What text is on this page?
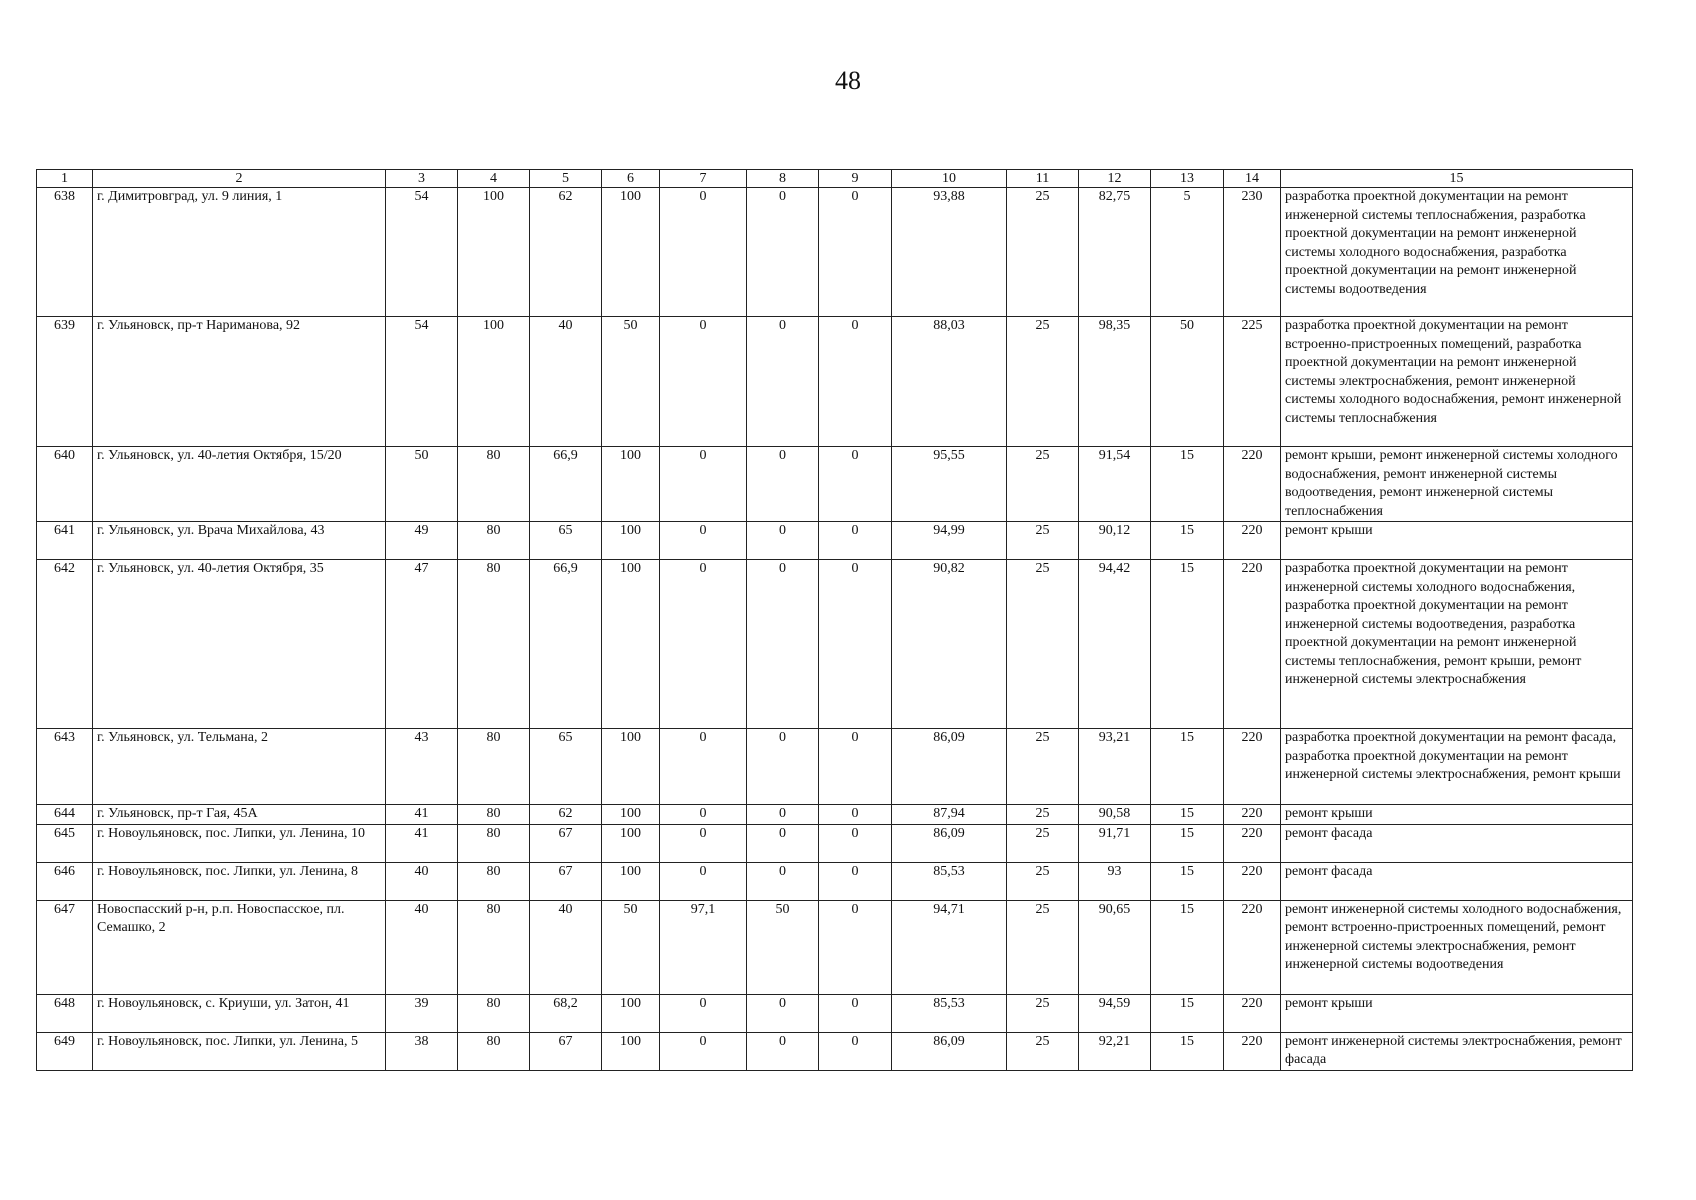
48
1	2	3	4	5	6	7	8	9	10	11	12	13	14	15
638	г. Димитровград, ул. 9 линия, 1	54	100	62	100	0	0	0	93,88	25	82,75	5	230	разработка проектной документации на ремонт инженерной системы теплоснабжения, разработка проектной документации на ремонт инженерной системы холодного водоснабжения, разработка проектной документации на ремонт инженерной системы водоотведения
639	г. Ульяновск, пр-т Нариманова, 92	54	100	40	50	0	0	0	88,03	25	98,35	50	225	разработка проектной документации на ремонт встроенно-пристроенных помещений, разработка проектной документации на ремонт инженерной системы электроснабжения, ремонт инженерной системы холодного водоснабжения, ремонт инженерной системы теплоснабжения
640	г. Ульяновск, ул. 40-летия Октября, 15/20	50	80	66,9	100	0	0	0	95,55	25	91,54	15	220	ремонт крыши, ремонт инженерной системы холодного водоснабжения, ремонт инженерной системы водоотведения, ремонт инженерной системы теплоснабжения
641	г. Ульяновск, ул. Врача Михайлова, 43	49	80	65	100	0	0	0	94,99	25	90,12	15	220	ремонт крыши
642	г. Ульяновск, ул. 40-летия Октября, 35	47	80	66,9	100	0	0	0	90,82	25	94,42	15	220	разработка проектной документации на ремонт инженерной системы холодного водоснабжения, разработка проектной документации на ремонт инженерной системы водоотведения, разработка проектной документации на ремонт инженерной системы теплоснабжения, ремонт крыши, ремонт инженерной системы электроснабжения
643	г. Ульяновск, ул. Тельмана, 2	43	80	65	100	0	0	0	86,09	25	93,21	15	220	разработка проектной документации на ремонт фасада, разработка проектной документации на ремонт инженерной системы электроснабжения, ремонт крыши
644	г. Ульяновск, пр-т Гая, 45А	41	80	62	100	0	0	0	87,94	25	90,58	15	220	ремонт крыши
645	г. Новоульяновск, пос. Липки, ул. Ленина, 10	41	80	67	100	0	0	0	86,09	25	91,71	15	220	ремонт фасада
646	г. Новоульяновск, пос. Липки, ул. Ленина, 8	40	80	67	100	0	0	0	85,53	25	93	15	220	ремонт фасада
647	Новоспасский р-н, р.п. Новоспасское, пл. Семашко, 2	40	80	40	50	97,1	50	0	94,71	25	90,65	15	220	ремонт инженерной системы холодного водоснабжения, ремонт встроенно-пристроенных помещений, ремонт инженерной системы электроснабжения, ремонт инженерной системы водоотведения
648	г. Новоульяновск, с. Криуши, ул. Затон, 41	39	80	68,2	100	0	0	0	85,53	25	94,59	15	220	ремонт крыши
649	г. Новоульяновск, пос. Липки, ул. Ленина, 5	38	80	67	100	0	0	0	86,09	25	92,21	15	220	ремонт инженерной системы электроснабжения, ремонт фасада
